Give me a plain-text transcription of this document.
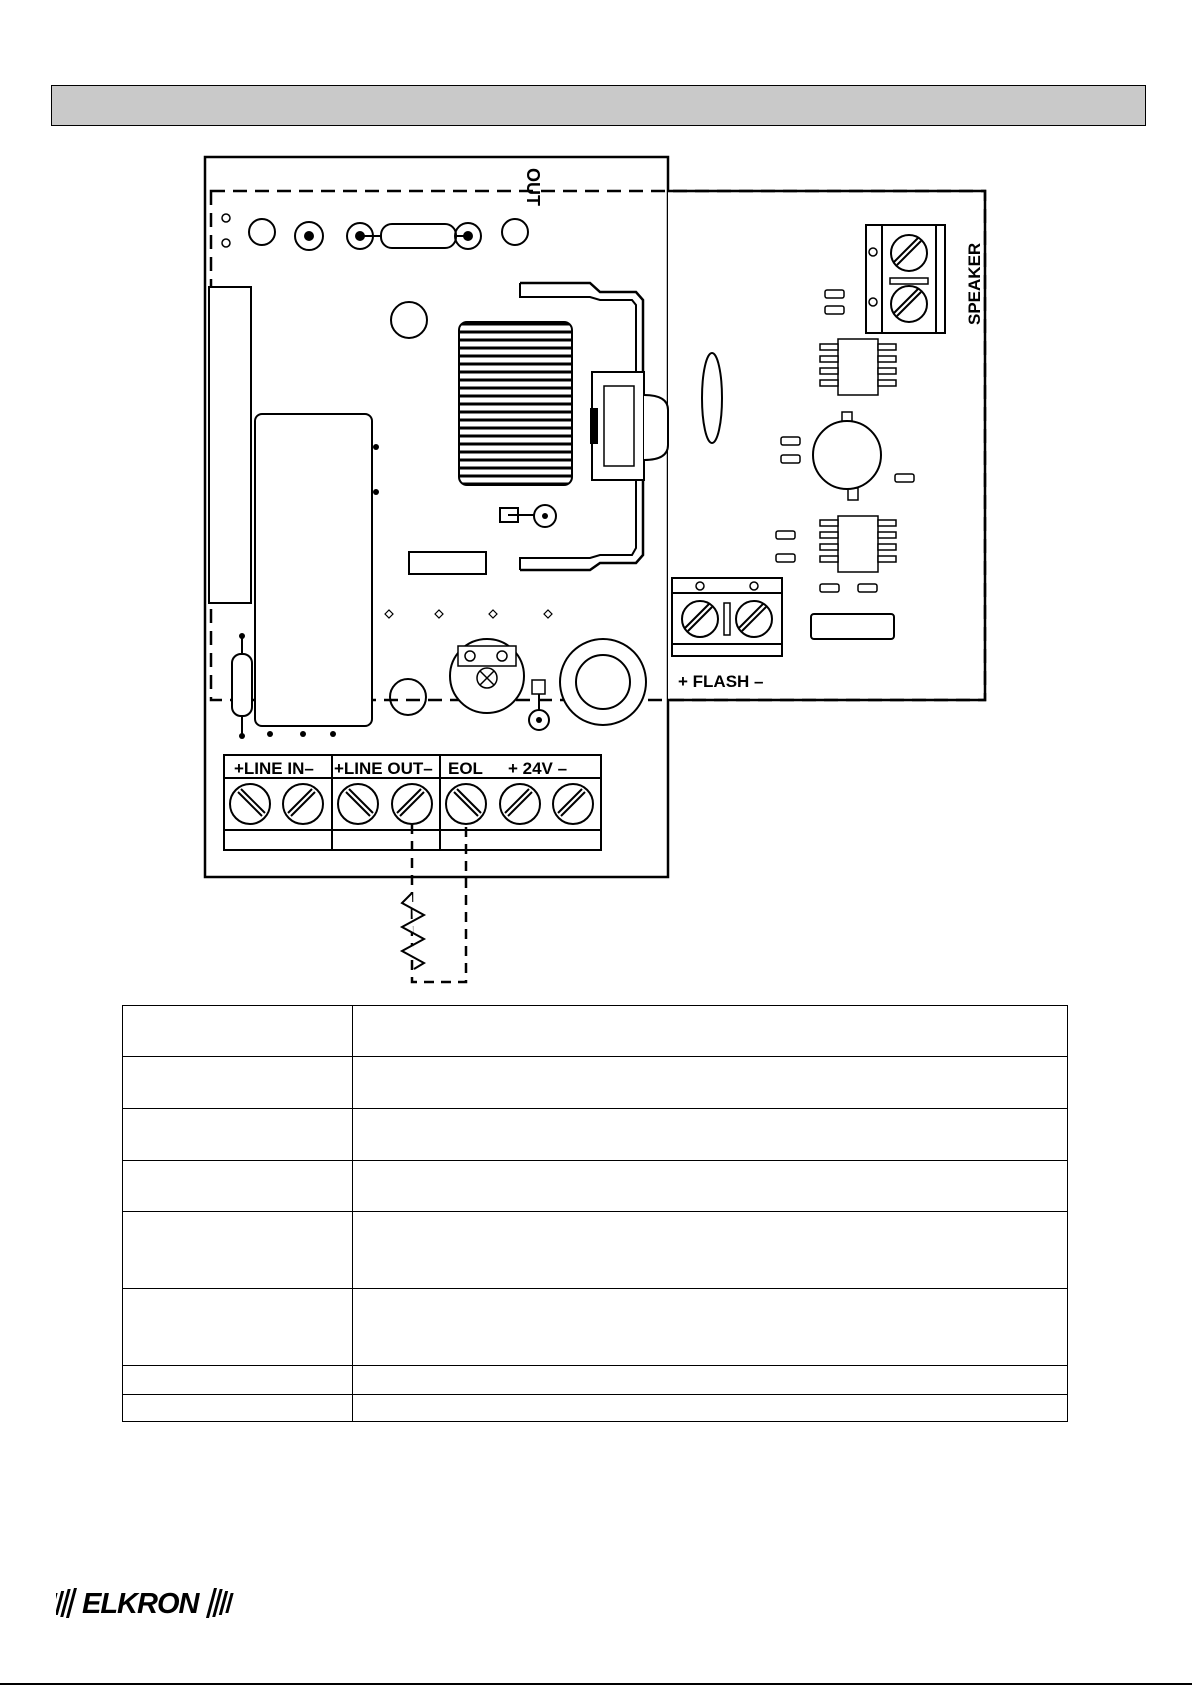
OUT
+LINE IN– +LINE OUT– EOL + 24V –
SPEAKER
+ FLASH –

ELKRON
